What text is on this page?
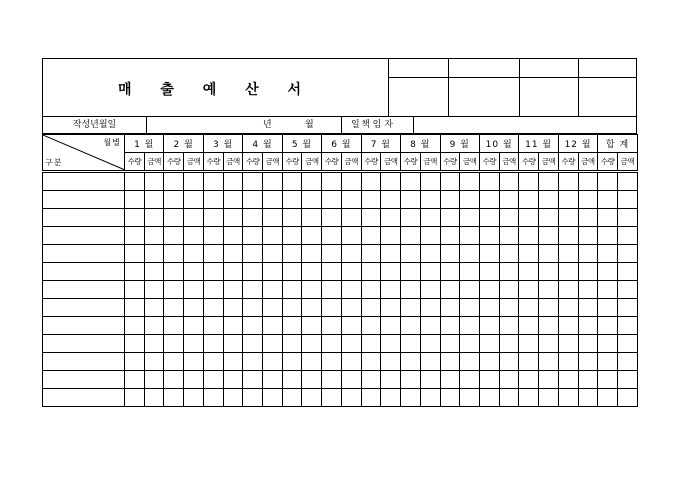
매 출 예 산 서
작성년월일	년	월	일 책 임 자
월별
구분	1 월		2 월		3 월		4 월		5 월		6 월		7 월		8 월		9 월		10 월		11 월		12 월		합 계	
	수량	금액	수량	금액	수량	금액	수량	금액	수량	금액	수량	금액	수량	금액	수량	금액	수량	금액	수량	금액	수량	금액	수량	금액	수량	금액
